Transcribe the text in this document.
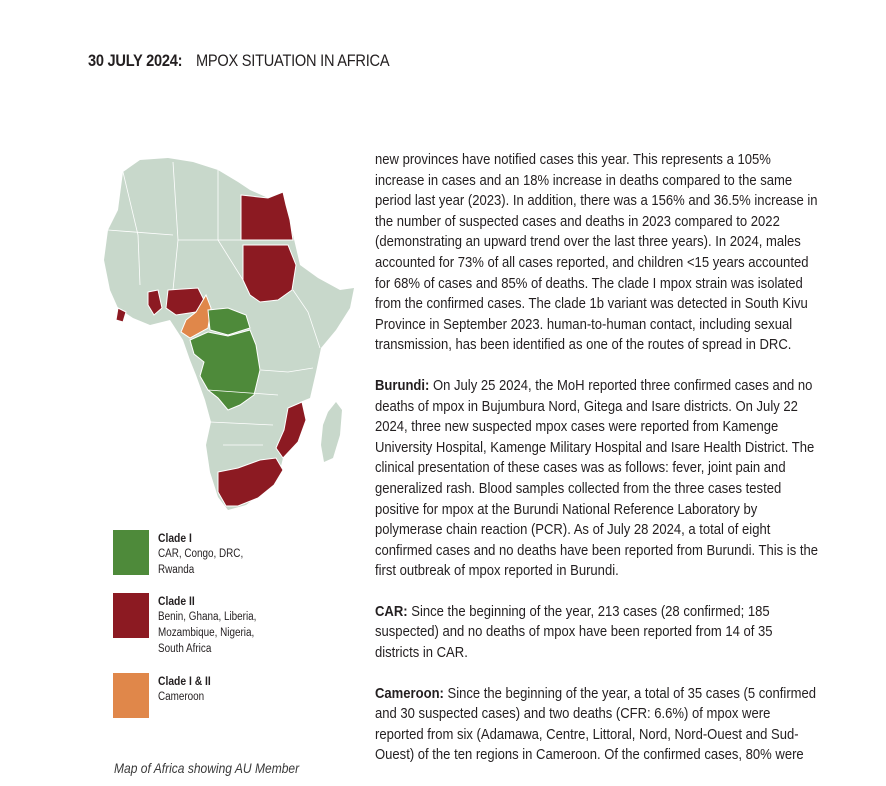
30 JULY 2024: MPOX SITUATION IN AFRICA
Clade I
CAR, Congo, DRC,
Rwanda
Clade II
Benin, Ghana, Liberia,
Mozambique, Nigeria,
South Africa
Clade I & II
Cameroon
Map of Africa showing AU Member

new provinces have notified cases this year. This represents a 105% increase in cases and an 18% increase in deaths compared to the same period last year (2023). In addition, there was a 156% and 36.5% increase in the number of suspected cases and deaths in 2023 compared to 2022 (demonstrating an upward trend over the last three years). In 2024, males accounted for 73% of all cases reported, and children <15 years accounted for 68% of cases and 85% of deaths. The clade I mpox strain was isolated from the confirmed cases. The clade 1b variant was detected in South Kivu Province in September 2023. human-to-human contact, including sexual transmission, has been identified as one of the routes of spread in DRC.

Burundi: On July 25 2024, the MoH reported three confirmed cases and no deaths of mpox in Bujumbura Nord, Gitega and Isare districts. On July 22 2024, three new suspected mpox cases were reported from Kamenge University Hospital, Kamenge Military Hospital and Isare Health District. The clinical presentation of these cases was as follows: fever, joint pain and generalized rash. Blood samples collected from the three cases tested positive for mpox at the Burundi National Reference Laboratory by polymerase chain reaction (PCR). As of July 28 2024, a total of eight confirmed cases and no deaths have been reported from Burundi. This is the first outbreak of mpox reported in Burundi.

CAR: Since the beginning of the year, 213 cases (28 confirmed; 185 suspected) and no deaths of mpox have been reported from 14 of 35 districts in CAR.

Cameroon: Since the beginning of the year, a total of 35 cases (5 confirmed and 30 suspected cases) and two deaths (CFR: 6.6%) of mpox were reported from six (Adamawa, Centre, Littoral, Nord, Nord-Ouest and Sud-Ouest) of the ten regions in Cameroon. Of the confirmed cases, 80% were
